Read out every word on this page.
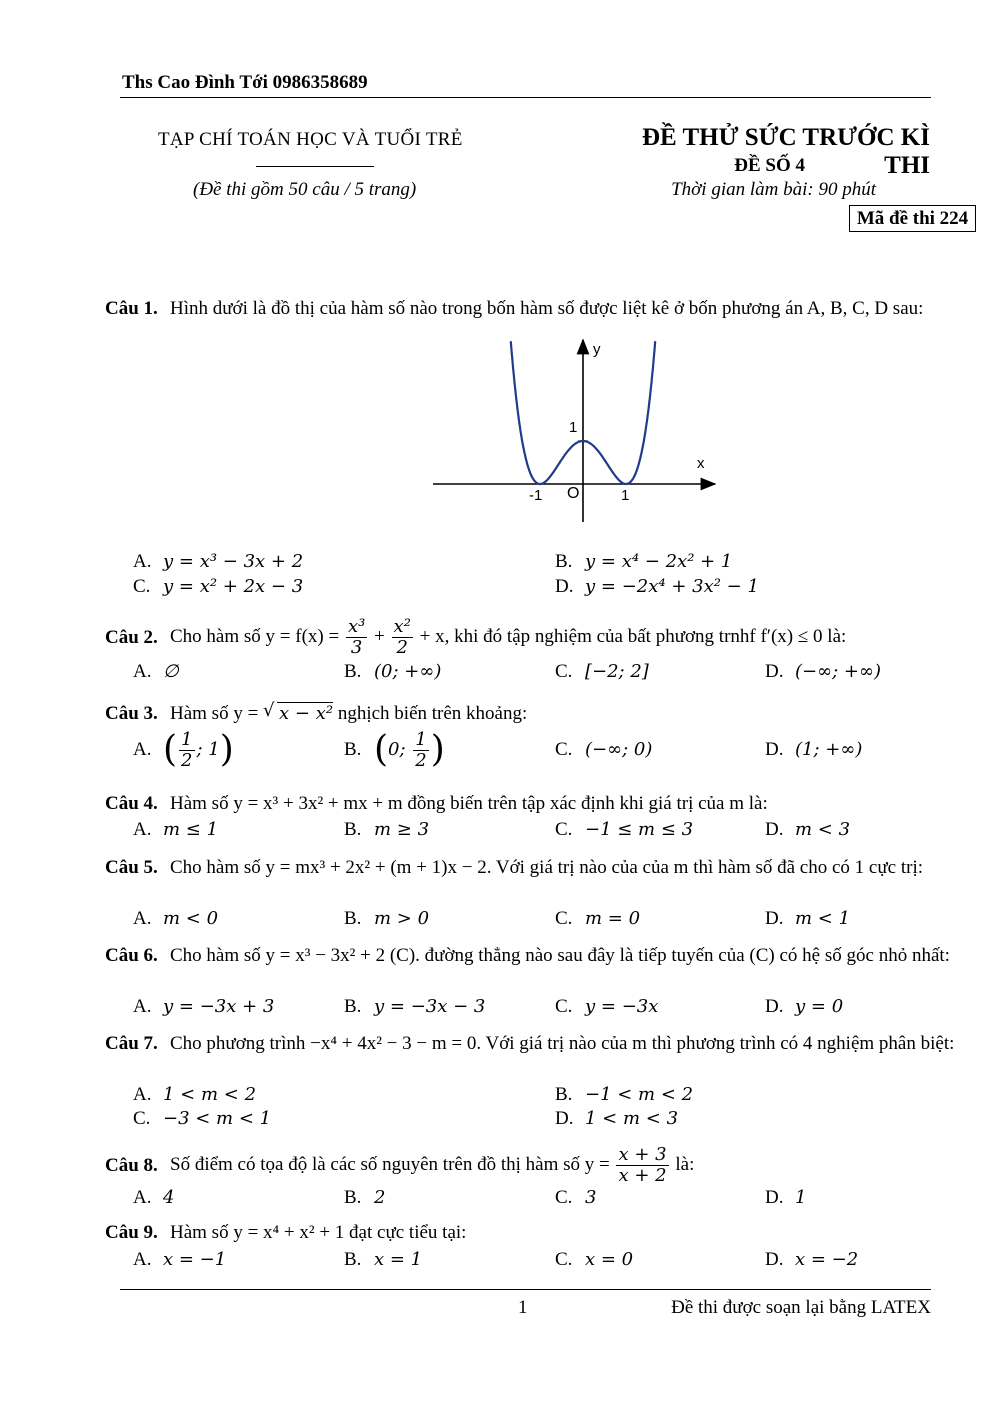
Ths Cao Đình Tới 0986358689
TẠP CHÍ TOÁN HỌC VÀ TUỔI TRẺ
(Đề thi gồm 50 câu / 5 trang)
ĐỀ THỬ SỨC TRƯỚC KÌ THI
ĐỀ SỐ 4
Thời gian làm bài: 90 phút
Mã đề thi 224
Câu 1. Hình dưới là đồ thị của hàm số nào trong bốn hàm số được liệt kê ở bốn phương án A, B, C, D sau:
y
x
1
-1 O	1
A. y = x³ − 3x + 2	B. y = x⁴ − 2x² + 1
C. y = x² + 2x − 3	D. y = −2x⁴ + 3x² − 1
Câu 2. Cho hàm số $y = f(x) = \frac{\text{x³}}{3} + \frac{\text{x²}}{2} + x$, khi đó tập nghiệm của bất phương trnhf f′(x) ≤ 0 là:
A. ∅	B. (0; +∞)	C. [−2; 2]	D. (−∞; +∞)
Câu 3. Hàm số y = √ x − x² nghịch biến trên khoảng:
A. ( $\frac{1}{2}$ ; 1)	B. (0; $\frac{1}{2}$ )	C. (−∞; 0)	D. (1; +∞)
Câu 4. Hàm số y = x³ + 3x² + mx + m đồng biến trên tập xác định khi giá trị của m là:
A. m ≤ 1	B. m ≥ 3	C. −1 ≤ m ≤ 3	D. m < 3
Câu 5. Cho hàm số y = mx³ + 2x² + (m + 1)x − 2. Với giá trị nào của của m thì hàm số đã cho có 1 cực trị:
A. m < 0	B. m > 0	C. m = 0	D. m < 1
Câu 6. Cho hàm số y = x³ − 3x² + 2 (C). đường thẳng nào sau đây là tiếp tuyến của (C) có hệ số góc nhỏ nhất:
A. y = −3x + 3	B. y = −3x − 3	C. y = −3x	D. y = 0
Câu 7. Cho phương trình −x⁴ + 4x² − 3 − m = 0. Với giá trị nào của m thì phương trình có 4 nghiệm phân biệt:
A. 1 < m < 2	B. −1 < m < 2
C. −3 < m < 1	D. 1 < m < 3
Câu 8. Số điểm có tọa độ là các số nguyên trên đồ thị hàm số $y = \frac{x + 3}{x + 2}$ là:
A. 4	B. 2	C. 3	D. 1
Câu 9. Hàm số y = x⁴ + x² + 1 đạt cực tiểu tại:
A. x = −1	B. x = 1	C. x = 0	D. x = −2
1	Đề thi được soạn lại bằng LATEX
